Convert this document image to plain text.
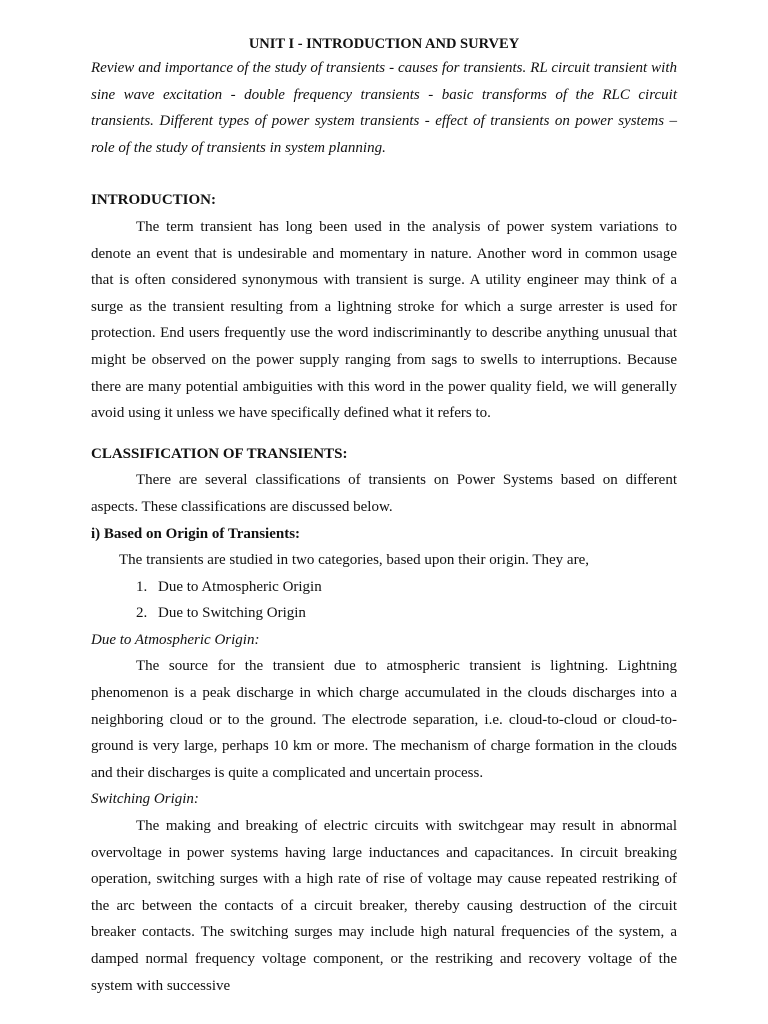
UNIT I - INTRODUCTION AND SURVEY

Review and importance of the study of transients - causes for transients. RL circuit transient with sine wave excitation - double frequency transients - basic transforms of the RLC circuit transients. Different types of power system transients - effect of transients on power systems – role of the study of transients in system planning.

INTRODUCTION:

The term transient has long been used in the analysis of power system variations to denote an event that is undesirable and momentary in nature. Another word in common usage that is often considered synonymous with transient is surge. A utility engineer may think of a surge as the transient resulting from a lightning stroke for which a surge arrester is used for protection. End users frequently use the word indiscriminantly to describe anything unusual that might be observed on the power supply ranging from sags to swells to interruptions. Because there are many potential ambiguities with this word in the power quality field, we will generally avoid using it unless we have specifically defined what it refers to.

CLASSIFICATION OF TRANSIENTS:

There are several classifications of transients on Power Systems based on different aspects. These classifications are discussed below.

i) Based on Origin of Transients:

The transients are studied in two categories, based upon their origin. They are,

1. Due to Atmospheric Origin
2. Due to Switching Origin

Due to Atmospheric Origin:

The source for the transient due to atmospheric transient is lightning. Lightning phenomenon is a peak discharge in which charge accumulated in the clouds discharges into a neighboring cloud or to the ground. The electrode separation, i.e. cloud-to-cloud or cloud-to-ground is very large, perhaps 10 km or more. The mechanism of charge formation in the clouds and their discharges is quite a complicated and uncertain process.

Switching Origin:

The making and breaking of electric circuits with switchgear may result in abnormal overvoltage in power systems having large inductances and capacitances. In circuit breaking operation, switching surges with a high rate of rise of voltage may cause repeated restriking of the arc between the contacts of a circuit breaker, thereby causing destruction of the circuit breaker contacts. The switching surges may include high natural frequencies of the system, a damped normal frequency voltage component, or the restriking and recovery voltage of the system with successive
